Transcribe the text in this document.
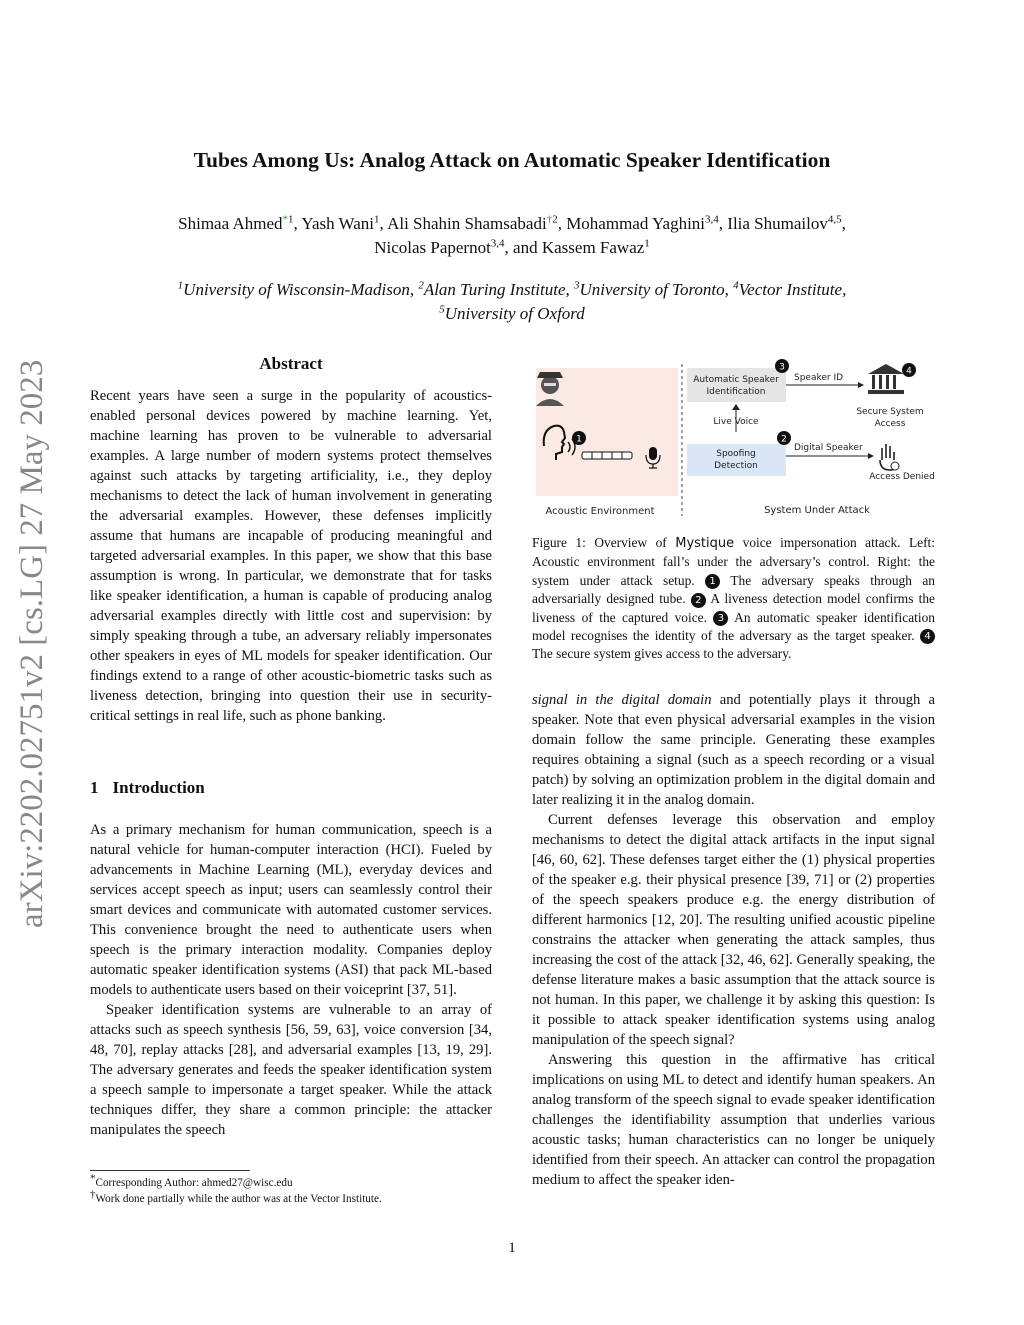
arXiv:2202.02751v2 [cs.LG] 27 May 2023
Tubes Among Us: Analog Attack on Automatic Speaker Identification
Shimaa Ahmed$^{*1}$, Yash Wani$^1$, Ali Shahin Shamsabadi$^{\dagger 2}$, Mohammad Yaghini$^{3,4}$, Ilia Shumailov$^{4,5}$,
Nicolas Papernot$^{3,4}$, and Kassem Fawaz$^1$
$^1$University of Wisconsin-Madison, $^2$Alan Turing Institute, $^3$University of Toronto, $^4$Vector Institute,
$^5$University of Oxford
Abstract

Recent years have seen a surge in the popularity of acoustics-enabled personal devices powered by machine learning. Yet, machine learning has proven to be vulnerable to adversarial examples. A large number of modern systems protect themselves against such attacks by targeting artificiality, i.e., they deploy mechanisms to detect the lack of human involvement in generating the adversarial examples. However, these defenses implicitly assume that humans are incapable of producing meaningful and targeted adversarial examples. In this paper, we show that this base assumption is wrong. In particular, we demonstrate that for tasks like speaker identification, a human is capable of producing analog adversarial examples directly with little cost and supervision: by simply speaking through a tube, an adversary reliably impersonates other speakers in eyes of ML models for speaker identification. Our findings extend to a range of other acoustic-biometric tasks such as liveness detection, bringing into question their use in security-critical settings in real life, such as phone banking.

1 Introduction

As a primary mechanism for human communication, speech is a natural vehicle for human-computer interaction (HCI). Fueled by advancements in Machine Learning (ML), everyday devices and services accept speech as input; users can seamlessly control their smart devices and communicate with automated customer services. This convenience brought the need to authenticate users when speech is the primary interaction modality. Companies deploy automatic speaker identification systems (ASI) that pack ML-based models to authenticate users based on their voiceprint [37, 51].

Speaker identification systems are vulnerable to an array of attacks such as speech synthesis [56, 59, 63], voice conversion [34, 48, 70], replay attacks [28], and adversarial examples [13, 19, 29]. The adversary generates and feeds the speaker identification system a speech sample to impersonate a target speaker. While the attack techniques differ, they share a common principle: the attacker manipulates the speech

*Corresponding Author: ahmed27@wisc.edu
†Work done partially while the author was at the Vector Institute.
1
Automatic Speaker Identification
Spoofing Detection
Live Voice
Speaker ID
Digital Speaker
Secure System Access
Access Denied
3	4
2
Acoustic Environment	System Under Attack
Figure 1: Overview of Mystique voice impersonation attack. Left: Acoustic environment fall’s under the adversary’s control. Right: the system under attack setup. 1 The adversary speaks through an adversarially designed tube. 2 A liveness detection model confirms the liveness of the captured voice. 3 An automatic speaker identification model recognises the identity of the adversary as the target speaker. 4 The secure system gives access to the adversary.

signal in the digital domain and potentially plays it through a speaker. Note that even physical adversarial examples in the vision domain follow the same principle. Generating these examples requires obtaining a signal (such as a speech recording or a visual patch) by solving an optimization problem in the digital domain and later realizing it in the analog domain.

Current defenses leverage this observation and employ mechanisms to detect the digital attack artifacts in the input signal [46, 60, 62]. These defenses target either the (1) physical properties of the speaker e.g. their physical presence [39, 71] or (2) properties of the speech speakers produce e.g. the energy distribution of different harmonics [12, 20]. The resulting unified acoustic pipeline constrains the attacker when generating the attack samples, thus increasing the cost of the attack [32, 46, 62]. Generally speaking, the defense literature makes a basic assumption that the attack source is not human. In this paper, we challenge it by asking this question: Is it possible to attack speaker identification systems using analog manipulation of the speech signal?

Answering this question in the affirmative has critical implications on using ML to detect and identify human speakers. An analog transform of the speech signal to evade speaker identification challenges the identifiability assumption that underlies various acoustic tasks; human characteristics can no longer be uniquely identified from their speech. An attacker can control the propagation medium to affect the speaker iden-

1
